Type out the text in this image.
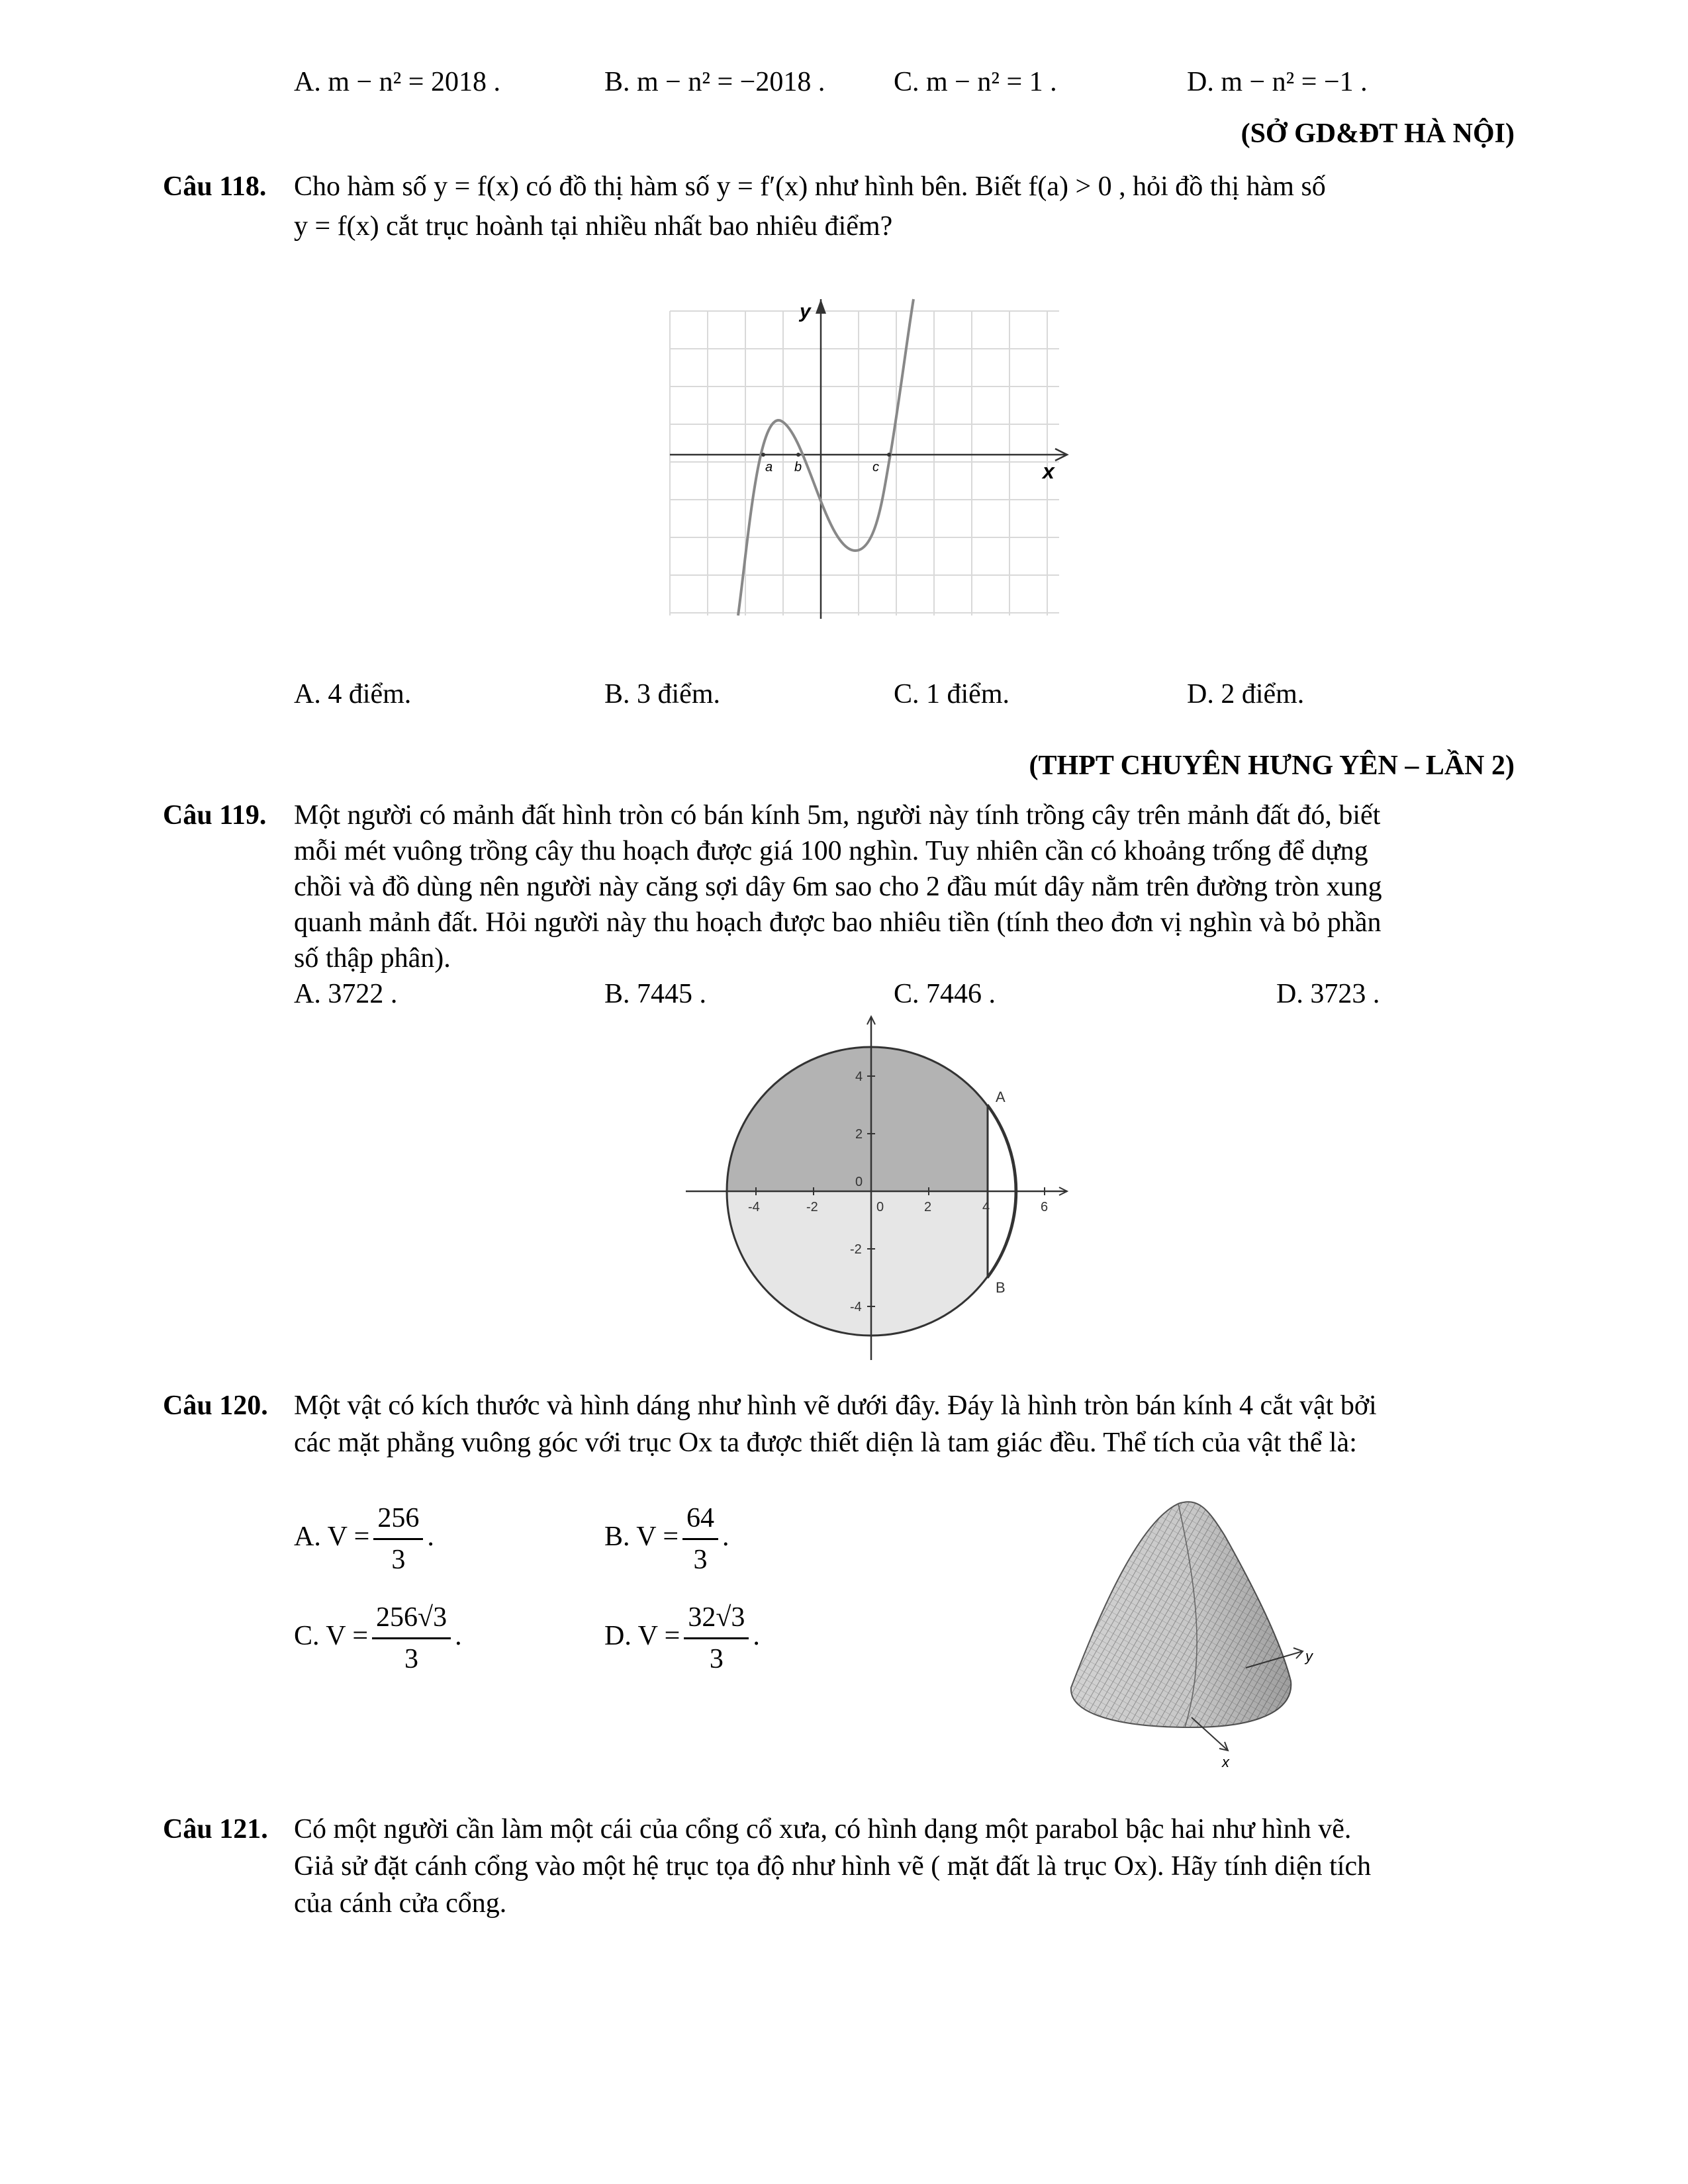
A. m − n² = 2018 .	B. m − n² = −2018 . C. m − n² = 1 .	D. m − n² = −1 .
(SỞ GD&ĐT HÀ NỘI)
Câu 118. Cho hàm số y = f(x) có đồ thị hàm số y = f′(x) như hình bên. Biết f(a) > 0 , hỏi đồ thị hàm số
y = f(x) cắt trục hoành tại nhiều nhất bao nhiêu điểm?
y
x
a b	c
A. 4 điểm.	B. 3 điểm.	C. 1 điểm.	D. 2 điểm.
(THPT CHUYÊN HƯNG YÊN – LẦN 2)
Câu 119. Một người có mảnh đất hình tròn có bán kính 5m, người này tính trồng cây trên mảnh đất đó, biết
mỗi mét vuông trồng cây thu hoạch được giá 100 nghìn. Tuy nhiên cần có khoảng trống để dựng
chồi và đồ dùng nên người này căng sợi dây 6m sao cho 2 đầu mút dây nằm trên đường tròn xung
quanh mảnh đất. Hỏi người này thu hoạch được bao nhiêu tiền (tính theo đơn vị nghìn và bỏ phần
số thập phân).
A. 3722 .	B. 7445 .	C. 7446 .	D. 3723 .
-4	-2	0	2	4	6
4
2
0
-2
-4
A
B
Câu 120. Một vật có kích thước và hình dáng như hình vẽ dưới đây. Đáy là hình tròn bán kính 4 cắt vật bởi
các mặt phẳng vuông góc với trục Ox ta được thiết diện là tam giác đều. Thể tích của vật thể là:
A. $V = \frac{256}{3}$ .	B. $V = \frac{64}{3}$ .
C. $V = \frac{256√3}{3}$ .	D. $V = \frac{32√3}{3}$ .
y
x
Câu 121. Có một người cần làm một cái của cổng cổ xưa, có hình dạng một parabol bậc hai như hình vẽ.
Giả sử đặt cánh cổng vào một hệ trục tọa độ như hình vẽ ( mặt đất là trục Ox). Hãy tính diện tích
của cánh cửa cổng.
